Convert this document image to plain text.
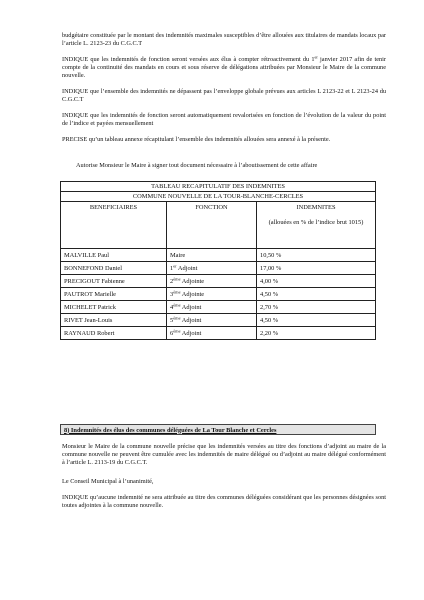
budgétaire constituée par le montant des indemnités maximales susceptibles d’être allouées aux titulaires de mandats locaux par l’article L. 2123-23 du C.G.C.T

INDIQUE que les indemnités de fonction seront versées aux élus à compter rétroactivement du 1er janvier 2017 afin de tenir compte de la continuité des mandats en cours et sous réserve de délégations attribuées par Monsieur le Maire de la commune nouvelle.

INDIQUE que l’ensemble des indemnités ne dépassent pas l’enveloppe globale prévues aux articles L 2123-22 et L 2123-24 du C.G.C.T

INDIQUE que les indemnités de fonction seront automatiquement revalorisées en fonction de l’évolution de la valeur du point de l’indice et payées mensuellement

PRECISE qu’un tableau annexe récapitulant l’ensemble des indemnités allouées sera annexé à la présente.

Autorise Monsieur le Maire à signer tout document nécessaire à l’aboutissement de cette affaire

TABLEAU RECAPITULATIF DES INDEMNITES		
COMMUNE NOUVELLE DE LA TOUR-BLANCHE-CERCLES		
BENEFICIAIRES	FONCTION	INDEMNITES
(allouées en % de l’indice brut 1015)

MALVILLE Paul	Maire	10,50 %
BONNEFOND Daniel	1er Adjoint	17,00 %
PRECIGOUT Fabienne	2ème Adjointe	4,00 %
PAUTROT Marielle	3ème Adjointe	4,50 %
MICHELET Patrick	4ème Adjoint	2,70 %
RIVET Jean-Louis	5ème Adjoint	4,50 %
RAYNAUD Robert	6ème Adjoint	2,20 %
8) Indemnités des élus des communes déléguées de La Tour Blanche et Cercles

Monsieur le Maire de la commune nouvelle précise que les indemnités versées au titre des fonctions d’adjoint au maire de la commune nouvelle ne peuvent être cumulée avec les indemnités de maire délégué ou d’adjoint au maire délégué conformément à l’article L. 2113-19 du C.G.C.T.

Le Conseil Municipal à l’unanimité,

INDIQUE qu’aucune indemnité ne sera attribuée au titre des communes déléguées considérant que les personnes désignées sont toutes adjointes à la commune nouvelle.
